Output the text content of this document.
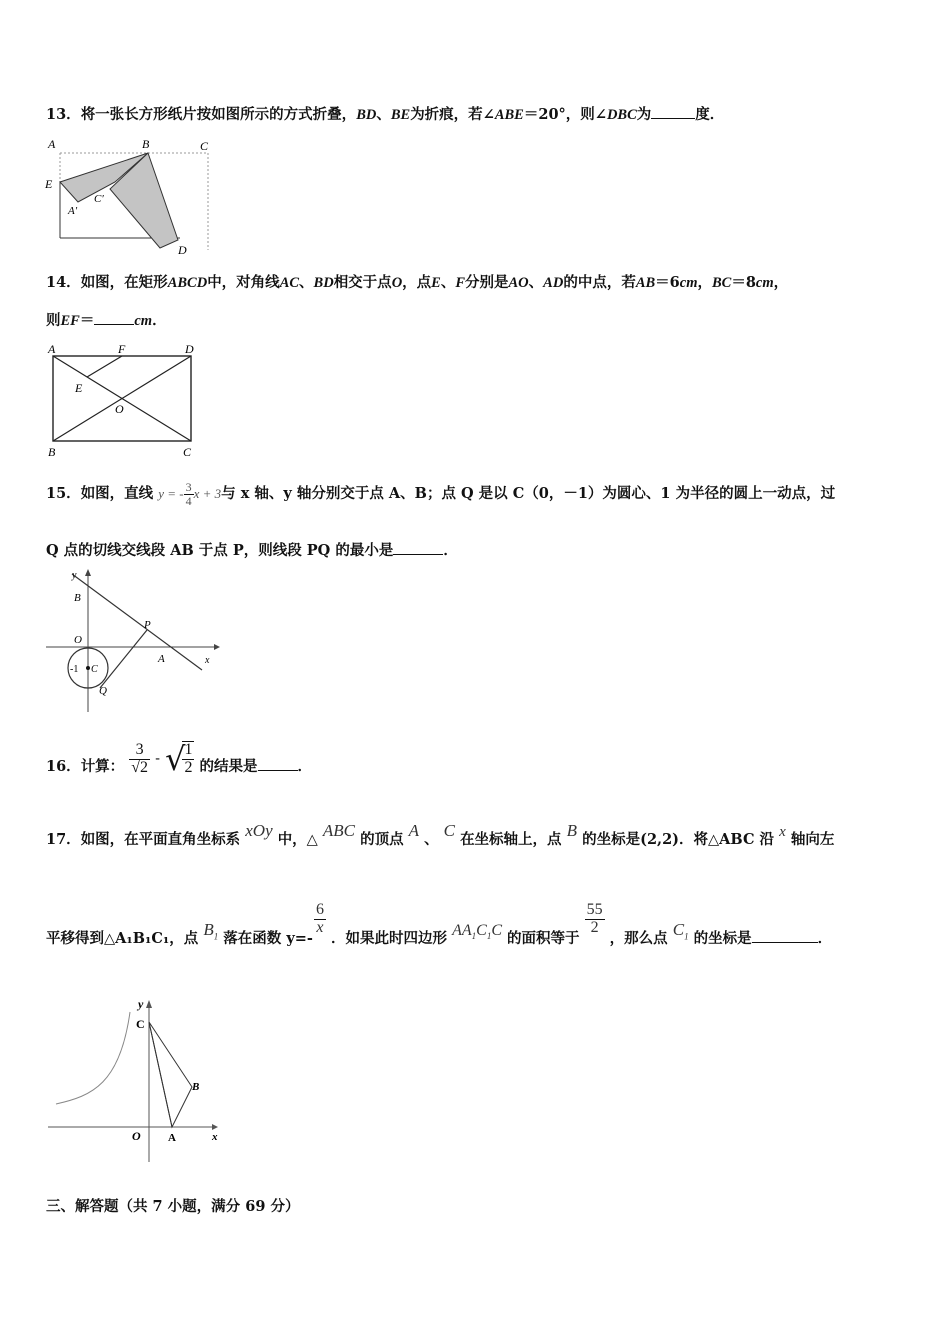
13．将一张长方形纸片按如图所示的方式折叠，BD、BE为折痕，若∠ABE＝20°，则∠DBC为	度．
A	B	C
E
A′
C′
D
14．如图，在矩形ABCD中，对角线AC、BD相交于点O，点E、F分别是AO、AD的中点，若AB＝6cm，BC＝8cm，
则EF＝	cm．
A	F	D
E
O
B	C
15．如图，直线 y = - $\frac{3}{4}$ x + 3与 x 轴、y 轴分别交于点 A、B；点 Q 是以 C（0，－1）为圆心、1 为半径的圆上一动点，过
Q 点的切线交线段 AB 于点 P，则线段 PQ 的最小是	．
y
B
O
P
A	x
-1 C
Q
16．计算： $\frac{3}{√2}$ - √
$\frac{1}{2}$ 的结果是	．
17．如图，在平面直角坐标系 xOy 中，△ ABC 的顶点 A 、 C 在坐标轴上，点 B 的坐标是(2,2)．将△ABC 沿 x 轴向左
平移得到△A₁B₁C₁，点 $B_1$ 落在函数 y=-
$\frac{6}{x}$
．如果此时四边形 $AA_1C_1C$ 的面积等于
$\frac{55}{2}$
，那么点 $C_1$ 的坐标是	．
y
C
B
O A	x
三、解答题（共 7 小题，满分 69 分）
